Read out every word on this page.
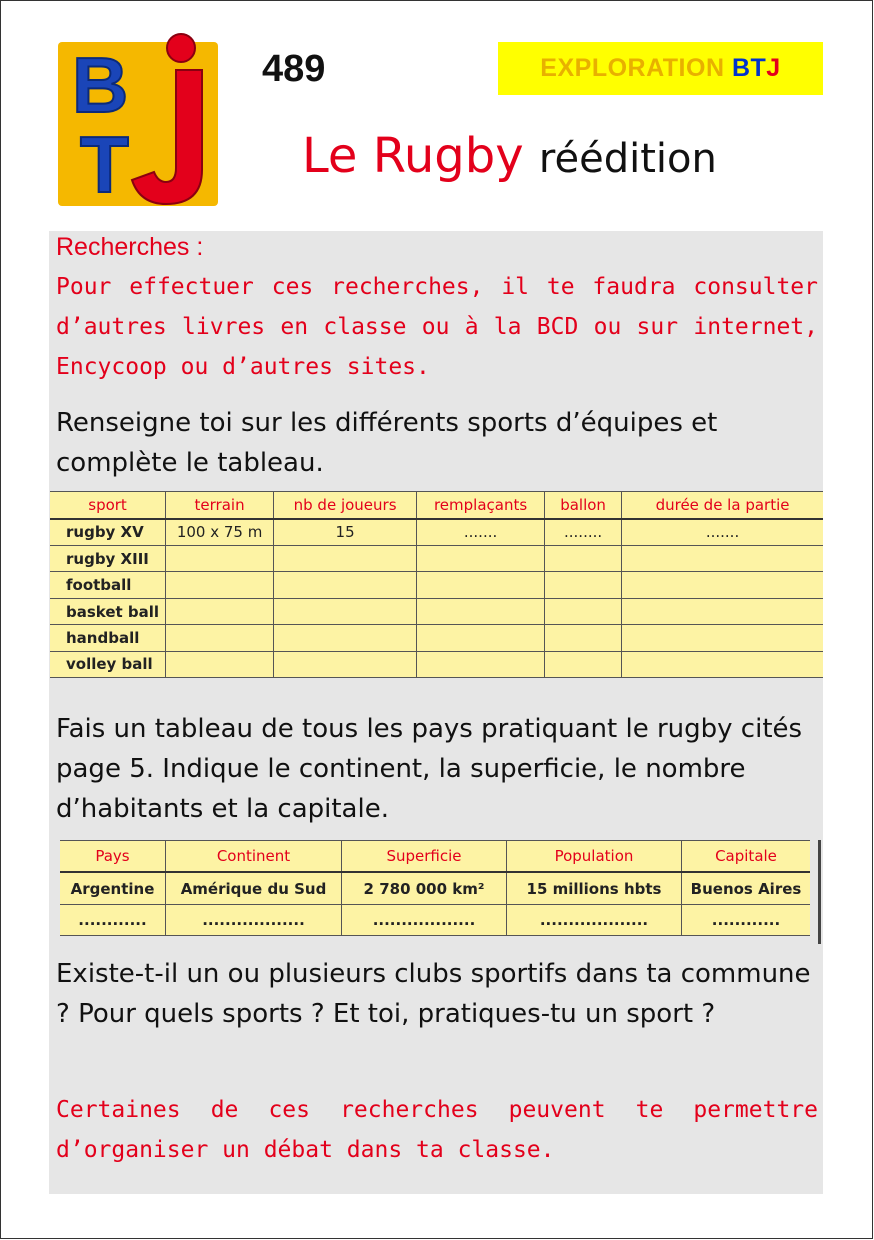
B
T
489	EXPLORATION BTJ
Le Rugby réédition

Recherches :

Pour effectuer ces recherches, il te faudra consulter d’autres livres en classe ou à la BCD ou sur internet, Encycoop ou d’autres sites.

Renseigne toi sur les différents sports d’équipes et complète le tableau.

sport	terrain	nb de joueurs	remplaçants	ballon	durée de la partie
rugby XV	100 x 75 m	15	.......	........	.......
rugby XIII					
football					
basket ball					
handball					
volley ball					

Fais un tableau de tous les pays pratiquant le rugby cités page 5. Indique le continent, la superficie, le nombre d’habitants et la capitale.

Pays	Continent	Superficie	Population	Capitale
Argentine	Amérique du Sud	2 780 000 km²	15 millions hbts	Buenos Aires
............	..................	..................	...................	............

Existe-t-il un ou plusieurs clubs sportifs dans ta commune ? Pour quels sports ? Et toi, pratiques-tu un sport ?

Certaines de ces recherches peuvent te permettre d’organiser un débat dans ta classe.
